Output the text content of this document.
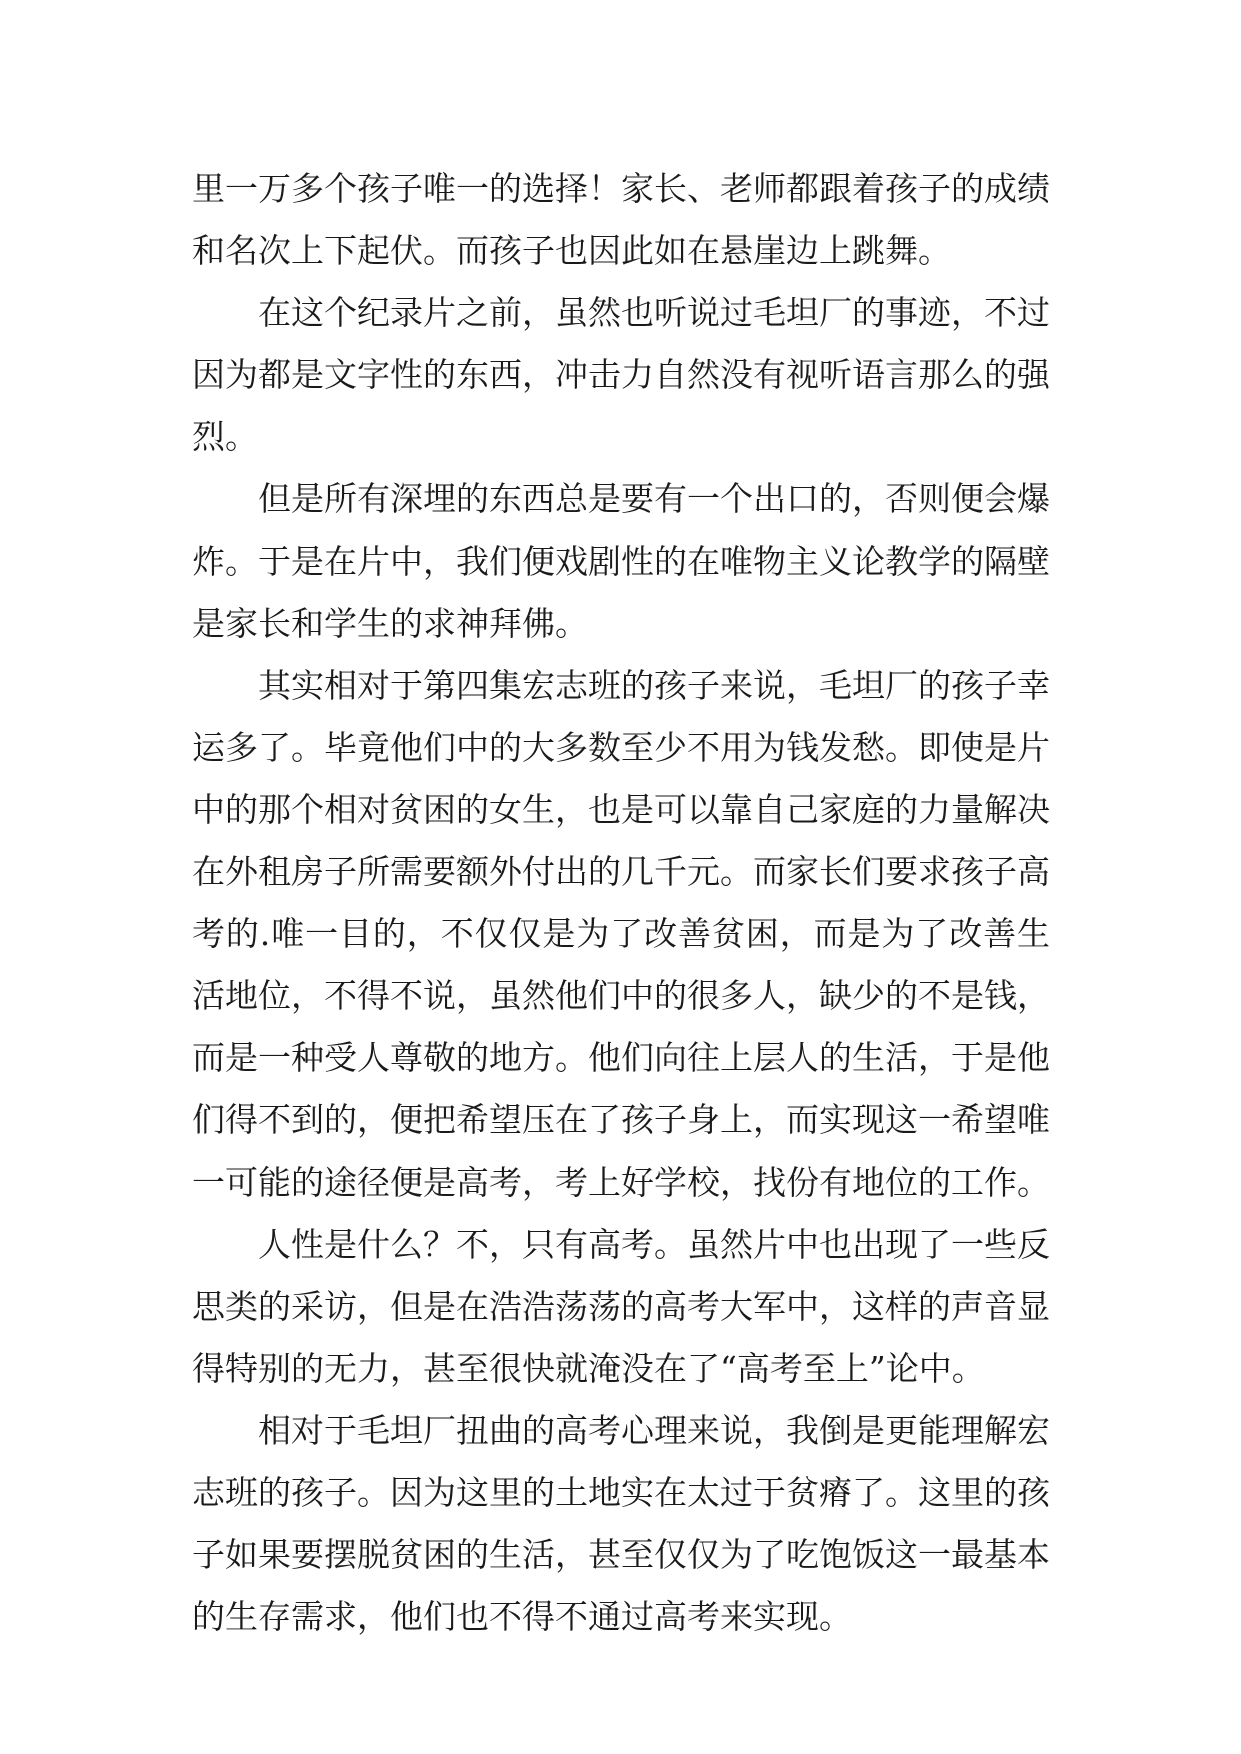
里一万多个孩子唯一的选择！家长、老师都跟着孩子的成绩
和名次上下起伏。而孩子也因此如在悬崖边上跳舞。
在这个纪录片之前，虽然也听说过毛坦厂的事迹，不过
因为都是文字性的东西，冲击力自然没有视听语言那么的强
烈。
但是所有深埋的东西总是要有一个出口的，否则便会爆
炸。于是在片中，我们便戏剧性的在唯物主义论教学的隔壁
是家长和学生的求神拜佛。
其实相对于第四集宏志班的孩子来说，毛坦厂的孩子幸
运多了。毕竟他们中的大多数至少不用为钱发愁。即使是片
中的那个相对贫困的女生，也是可以靠自己家庭的力量解决
在外租房子所需要额外付出的几千元。而家长们要求孩子高
考的.唯一目的，不仅仅是为了改善贫困，而是为了改善生
活地位，不得不说，虽然他们中的很多人，缺少的不是钱，
而是一种受人尊敬的地方。他们向往上层人的生活，于是他
们得不到的，便把希望压在了孩子身上，而实现这一希望唯
一可能的途径便是高考，考上好学校，找份有地位的工作。
人性是什么？不，只有高考。虽然片中也出现了一些反
思类的采访，但是在浩浩荡荡的高考大军中，这样的声音显
得特别的无力，甚至很快就淹没在了“高考至上”论中。
相对于毛坦厂扭曲的高考心理来说，我倒是更能理解宏
志班的孩子。因为这里的土地实在太过于贫瘠了。这里的孩
子如果要摆脱贫困的生活，甚至仅仅为了吃饱饭这一最基本
的生存需求，他们也不得不通过高考来实现。
